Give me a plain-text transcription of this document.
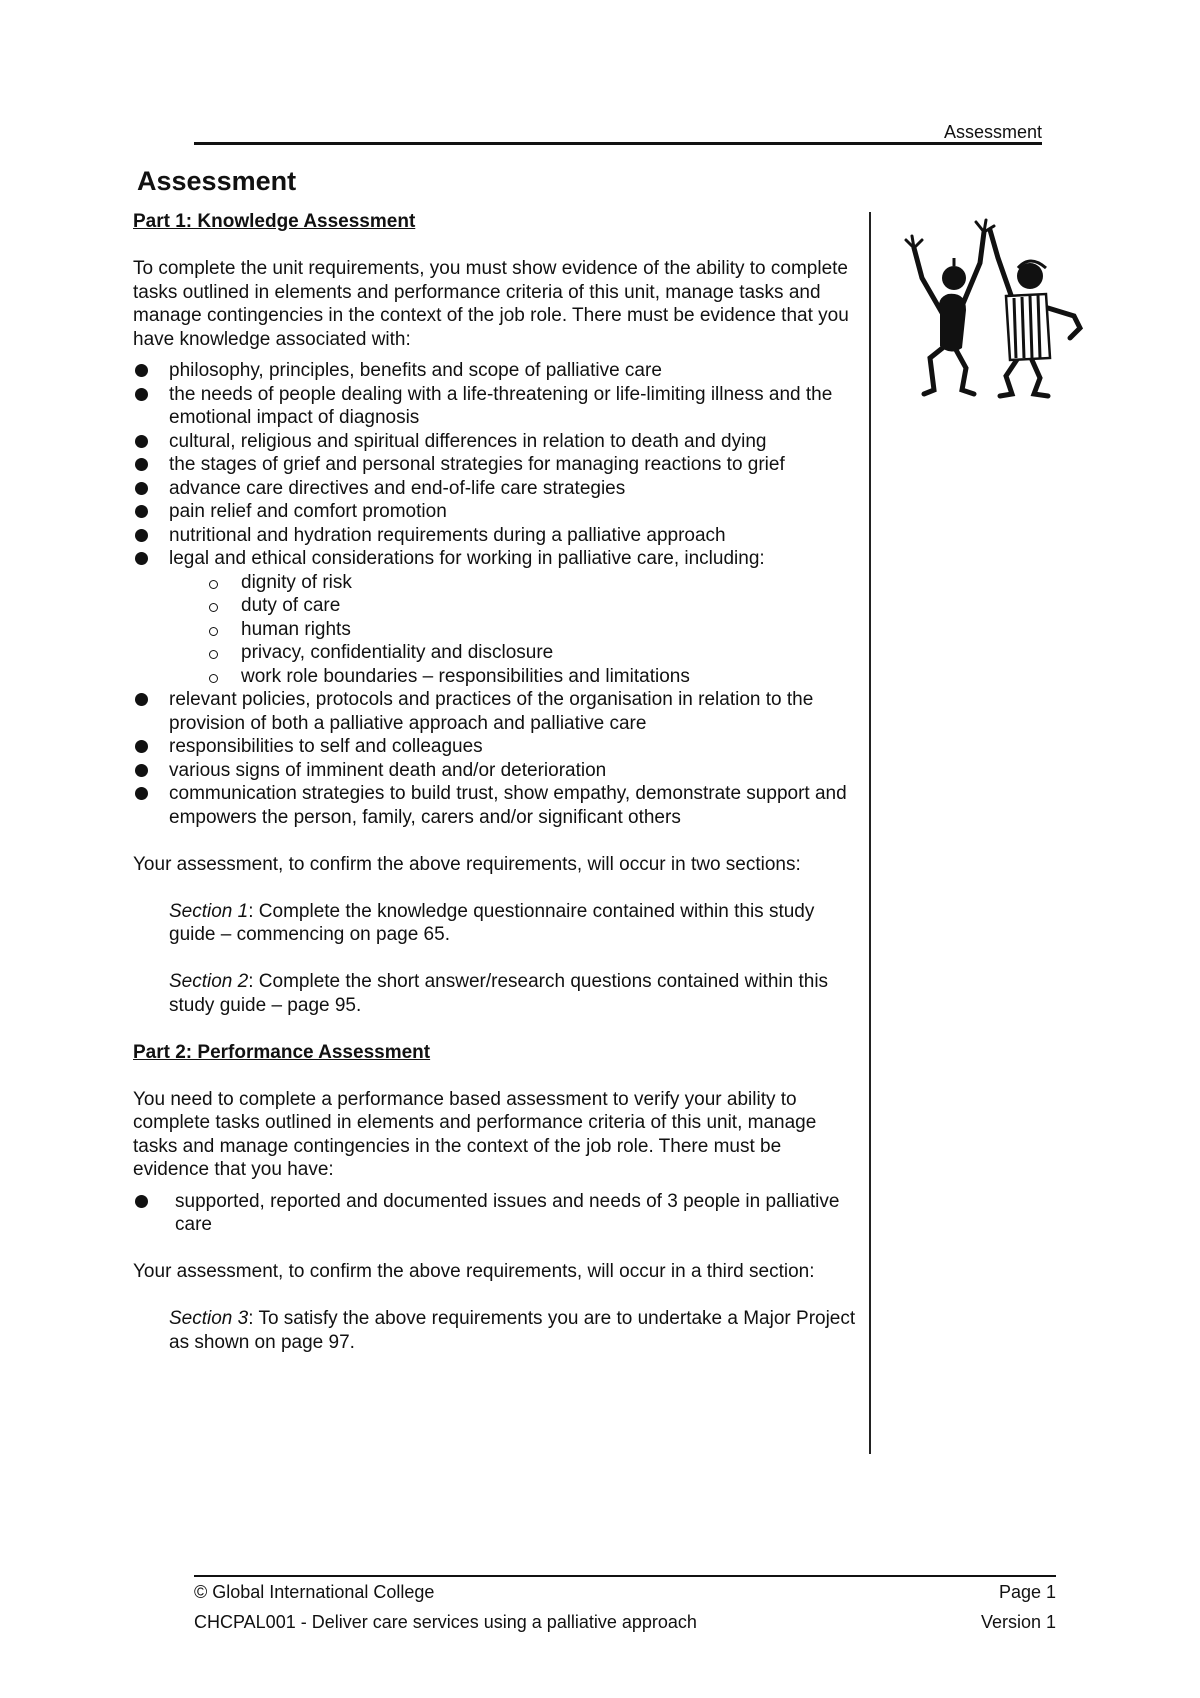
Assessment
Assessment

Part 1: Knowledge Assessment

To complete the unit requirements, you must show evidence of the ability to complete tasks outlined in elements and performance criteria of this unit, manage tasks and manage contingencies in the context of the job role. There must be evidence that you have knowledge associated with:

philosophy, principles, benefits and scope of palliative care
the needs of people dealing with a life-threatening or life-limiting illness and the emotional impact of diagnosis
cultural, religious and spiritual differences in relation to death and dying
the stages of grief and personal strategies for managing reactions to grief
advance care directives and end-of-life care strategies
pain relief and comfort promotion
nutritional and hydration requirements during a palliative approach
legal and ethical considerations for working in palliative care, including:
dignity of risk
duty of care
human rights
privacy, confidentiality and disclosure
work role boundaries – responsibilities and limitations
relevant policies, protocols and practices of the organisation in relation to the provision of both a palliative approach and palliative care
responsibilities to self and colleagues
various signs of imminent death and/or deterioration
communication strategies to build trust, show empathy, demonstrate support and empowers the person, family, carers and/or significant others

Your assessment, to confirm the above requirements, will occur in two sections:

Section 1: Complete the knowledge questionnaire contained within this study guide – commencing on page 65.

Section 2: Complete the short answer/research questions contained within this study guide – page 95.

Part 2: Performance Assessment

You need to complete a performance based assessment to verify your ability to complete tasks outlined in elements and performance criteria of this unit, manage tasks and manage contingencies in the context of the job role. There must be evidence that you have:

supported, reported and documented issues and needs of 3 people in palliative care

Your assessment, to confirm the above requirements, will occur in a third section:

Section 3: To satisfy the above requirements you are to undertake a Major Project as shown on page 97.

© Global International College	Page 1
CHCPAL001 - Deliver care services using a palliative approach	Version 1
